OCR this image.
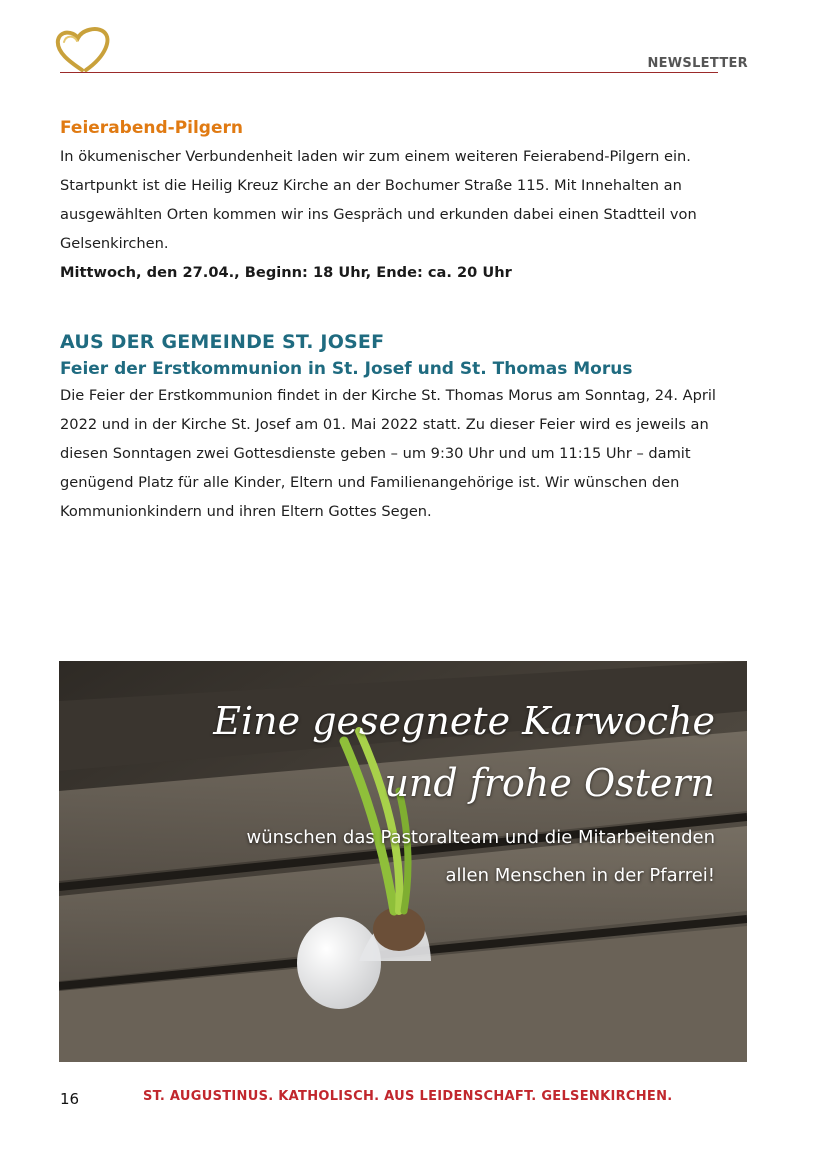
NEWSLETTER
Feierabend-Pilgern

In ökumenischer Verbundenheit laden wir zum einem weiteren Feierabend-Pilgern ein.

Startpunkt ist die Heilig Kreuz Kirche an der Bochumer Straße 115. Mit Innehalten an

ausgewählten Orten kommen wir ins Gespräch und erkunden dabei einen Stadtteil von

Gelsenkirchen.

Mittwoch, den 27.04., Beginn: 18 Uhr, Ende: ca. 20 Uhr

AUS DER GEMEINDE ST. JOSEF
Feier der Erstkommunion in St. Josef und St. Thomas Morus

Die Feier der Erstkommunion findet in der Kirche St. Thomas Morus am Sonntag, 24. April

2022 und in der Kirche St. Josef am 01. Mai 2022 statt. Zu dieser Feier wird es jeweils an

diesen Sonntagen zwei Gottesdienste geben – um 9:30 Uhr und um 11:15 Uhr – damit

genügend Platz für alle Kinder, Eltern und Familienangehörige ist. Wir wünschen den

Kommunionkindern und ihren Eltern Gottes Segen.

Eine gesegnete Karwoche
und frohe Ostern
wünschen das Pastoralteam und die Mitarbeitenden
allen Menschen in der Pfarrei!
16	ST. AUGUSTINUS. KATHOLISCH. AUS LEIDENSCHAFT. GELSENKIRCHEN.
